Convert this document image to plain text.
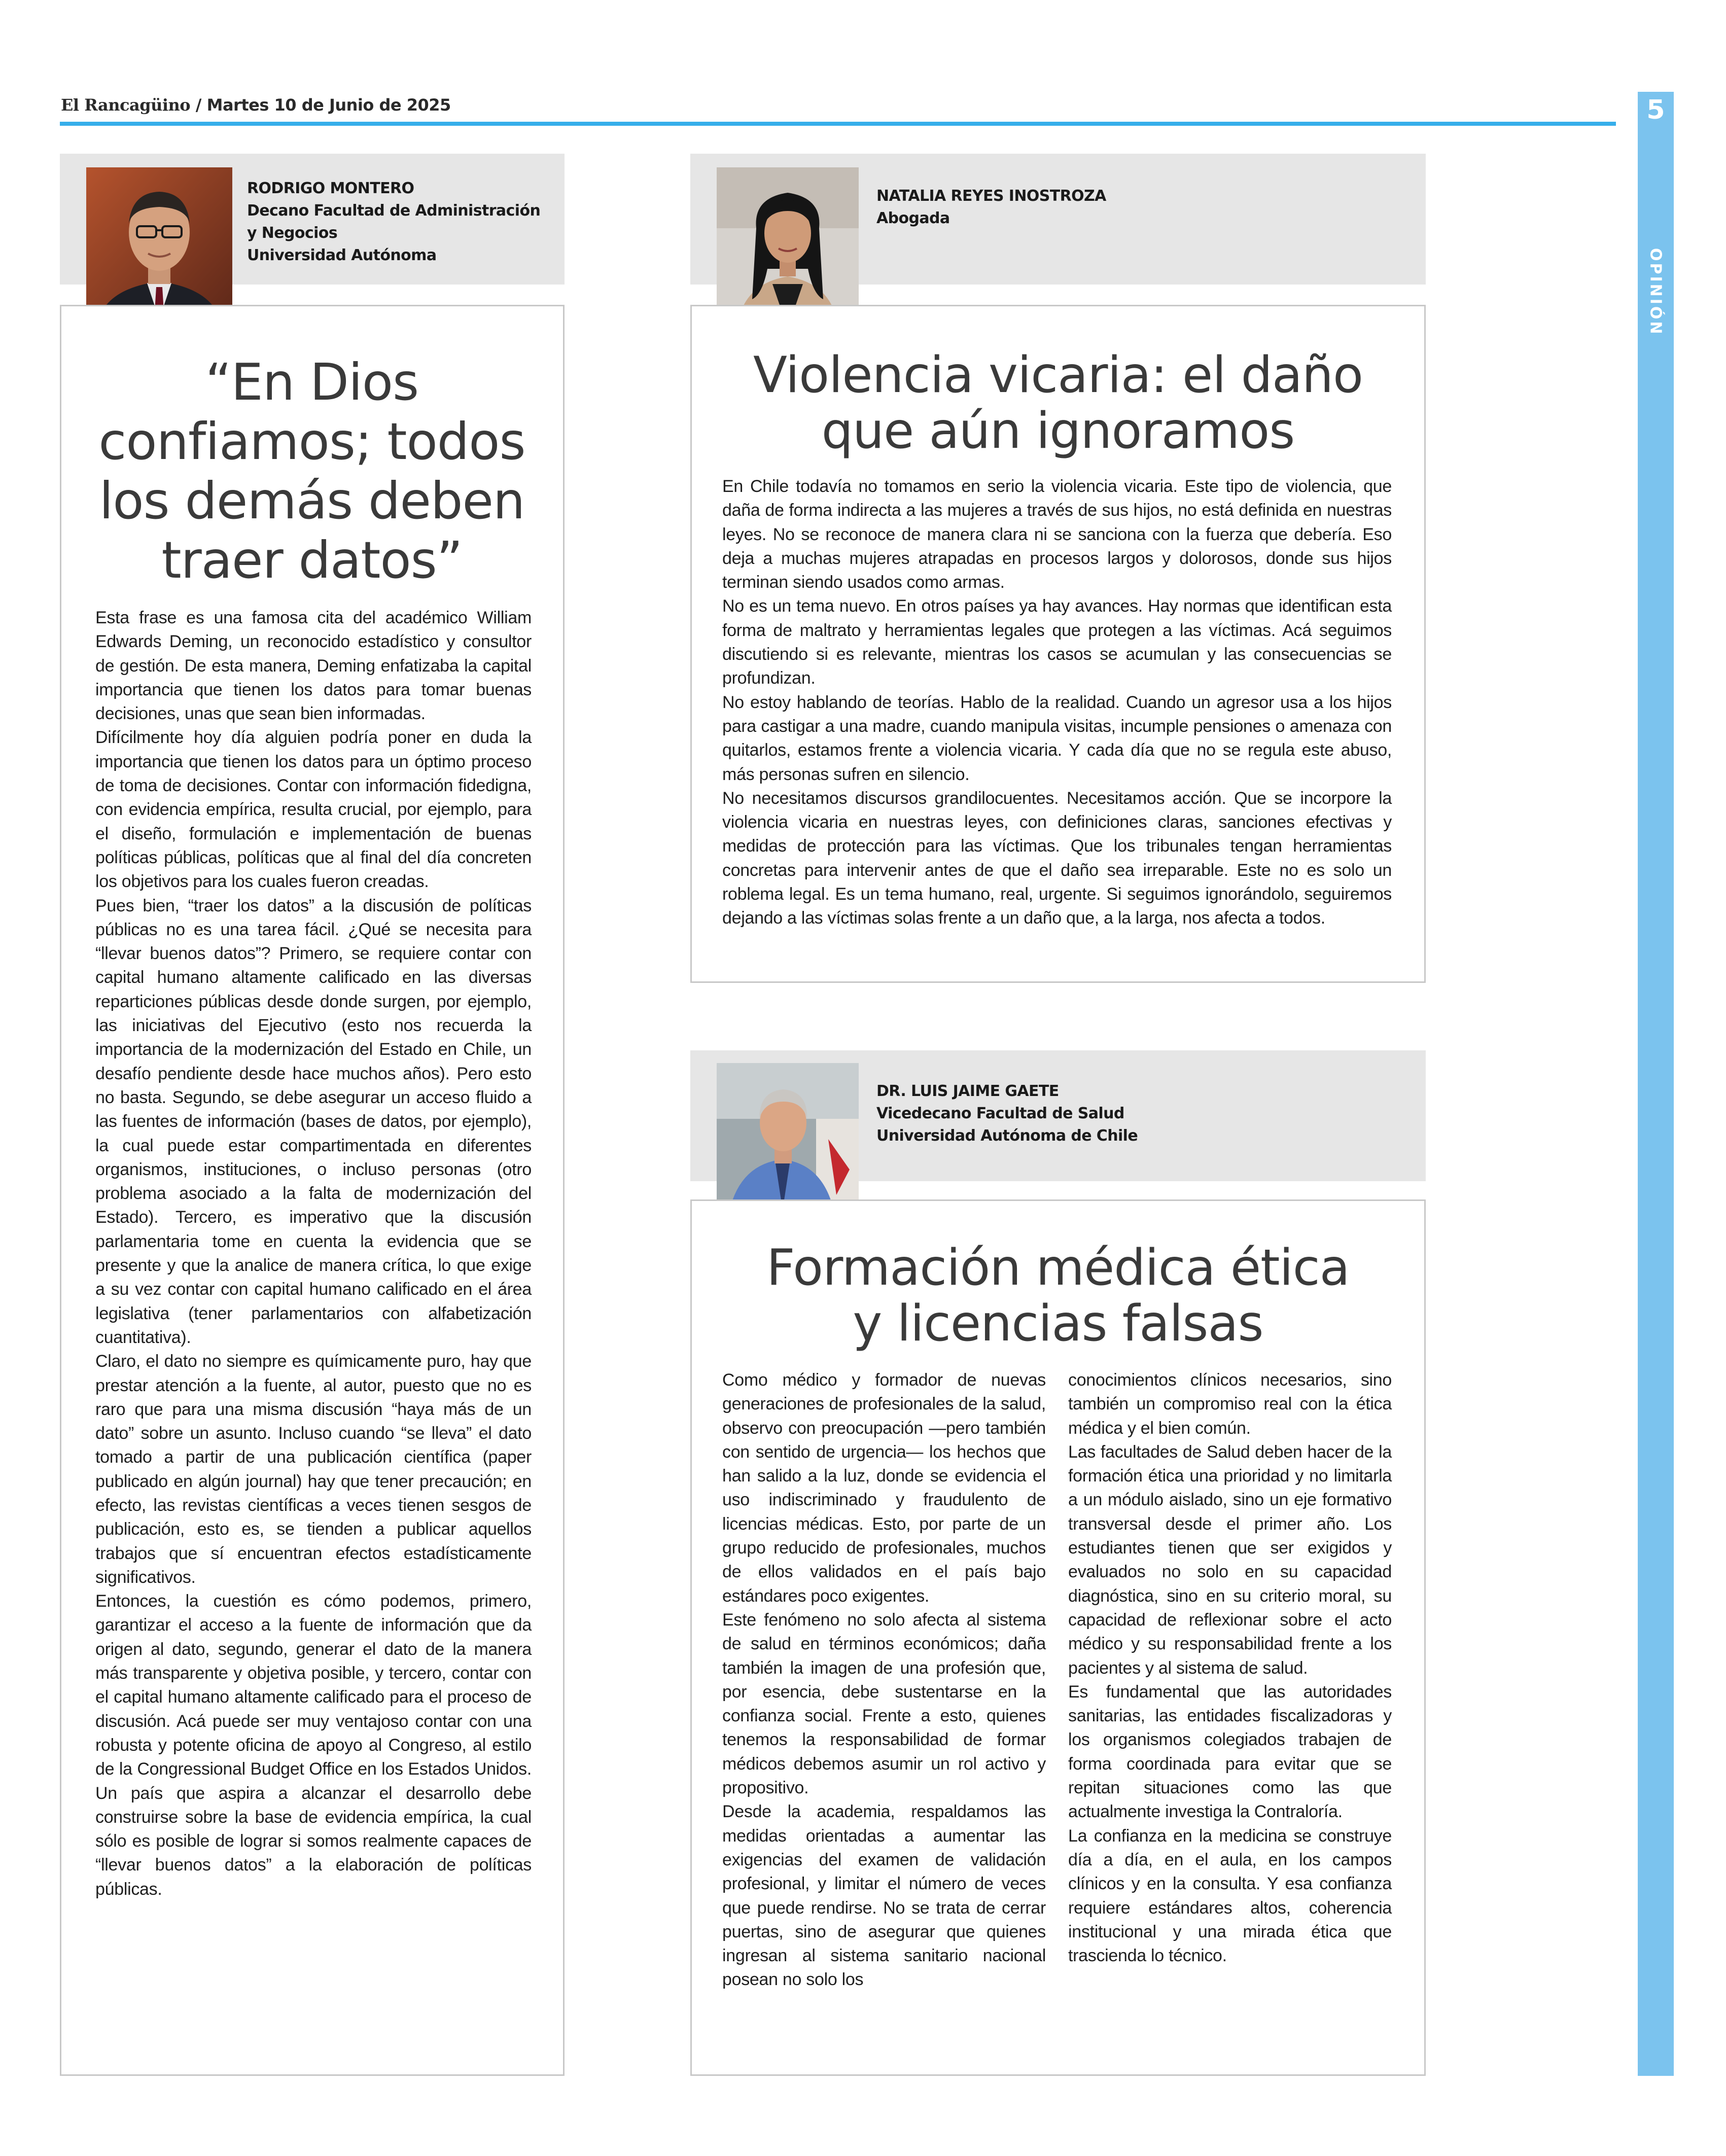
El Rancagüino / Martes 10 de Junio de 2025	5
OPINIÓN
RODRIGO MONTERO
Decano Facultad de Administración
y Negocios
Universidad Autónoma
“En Dios
confiamos; todos
los demás deben
traer datos”

Esta frase es una famosa cita del académico William Edwards Deming, un reconocido estadístico y consultor de gestión. De esta manera, Deming enfatizaba la capital importancia que tienen los datos para tomar buenas decisiones, unas que sean bien informadas.

Difícilmente hoy día alguien podría poner en duda la importancia que tienen los datos para un óptimo proceso de toma de decisiones. Contar con información fidedigna, con evidencia empírica, resulta crucial, por ejemplo, para el diseño, formulación e implementación de buenas políticas públicas, políticas que al final del día concreten los objetivos para los cuales fueron creadas.

Pues bien, “traer los datos” a la discusión de políticas públicas no es una tarea fácil. ¿Qué se necesita para “llevar buenos datos”? Primero, se requiere contar con capital humano altamente calificado en las diversas reparticiones públicas desde donde surgen, por ejemplo, las iniciativas del Ejecutivo (esto nos recuerda la importancia de la modernización del Estado en Chile, un desafío pendiente desde hace muchos años). Pero esto no basta. Segundo, se debe asegurar un acceso fluido a las fuentes de información (bases de datos, por ejemplo), la cual puede estar compartimentada en diferentes organismos, instituciones, o incluso personas (otro problema asociado a la falta de modernización del Estado). Tercero, es imperativo que la discusión parlamentaria tome en cuenta la evidencia que se presente y que la analice de manera crítica, lo que exige a su vez contar con capital humano calificado en el área legislativa (tener parlamentarios con alfabetización cuantitativa).

Claro, el dato no siempre es químicamente puro, hay que prestar atención a la fuente, al autor, puesto que no es raro que para una misma discusión “haya más de un dato” sobre un asunto. Incluso cuando “se lleva” el dato tomado a partir de una publicación científica (paper publicado en algún journal) hay que tener precaución; en efecto, las revistas científicas a veces tienen sesgos de publicación, esto es, se tienden a publicar aquellos trabajos que sí encuentran efectos estadísticamente significativos.

Entonces, la cuestión es cómo podemos, primero, garantizar el acceso a la fuente de información que da origen al dato, segundo, generar el dato de la manera más transparente y objetiva posible, y tercero, contar con el capital humano altamente calificado para el proceso de discusión. Acá puede ser muy ventajoso contar con una robusta y potente oficina de apoyo al Congreso, al estilo de la Congressional Budget Office en los Estados Unidos. Un país que aspira a alcanzar el desarrollo debe construirse sobre la base de evidencia empírica, la cual sólo es posible de lograr si somos realmente capaces de “llevar buenos datos” a la elaboración de políticas públicas.

NATALIA REYES INOSTROZA
Abogada
Violencia vicaria: el daño
que aún ignoramos

En Chile todavía no tomamos en serio la violencia vicaria. Este tipo de violencia, que daña de forma indirecta a las mujeres a través de sus hijos, no está definida en nuestras leyes. No se reconoce de manera clara ni se sanciona con la fuerza que debería. Eso deja a muchas mujeres atrapadas en procesos largos y dolorosos, donde sus hijos terminan siendo usados como armas.

No es un tema nuevo. En otros países ya hay avances. Hay normas que identifican esta forma de maltrato y herramientas legales que protegen a las víctimas. Acá seguimos discutiendo si es relevante, mientras los casos se acumulan y las consecuencias se profundizan.

No estoy hablando de teorías. Hablo de la realidad. Cuando un agresor usa a los hijos para castigar a una madre, cuando manipula visitas, incumple pensiones o amenaza con quitarlos, estamos frente a violencia vicaria. Y cada día que no se regula este abuso, más personas sufren en silencio.

No necesitamos discursos grandilocuentes. Necesitamos acción. Que se incorpore la violencia vicaria en nuestras leyes, con definiciones claras, sanciones efectivas y medidas de protección para las víctimas. Que los tribunales tengan herramientas concretas para intervenir antes de que el daño sea irreparable. Este no es solo un roblema legal. Es un tema humano, real, urgente. Si seguimos ignorándolo, seguiremos dejando a las víctimas solas frente a un daño que, a la larga, nos afecta a todos.

DR. LUIS JAIME GAETE
Vicedecano Facultad de Salud
Universidad Autónoma de Chile
Formación médica ética
y licencias falsas

Como médico y formador de nuevas generaciones de profesionales de la salud, observo con preocupación —pero también con sentido de urgencia— los hechos que han salido a la luz, donde se evidencia el uso indiscriminado y fraudulento de licencias médicas. Esto, por parte de un grupo reducido de profesionales, muchos de ellos validados en el país bajo estándares poco exigentes.

Este fenómeno no solo afecta al sistema de salud en términos económicos; daña también la imagen de una profesión que, por esencia, debe sustentarse en la confianza social. Frente a esto, quienes tenemos la responsabilidad de formar médicos debemos asumir un rol activo y propositivo.

Desde la academia, respaldamos las medidas orientadas a aumentar las exigencias del examen de validación profesional, y limitar el número de veces que puede rendirse. No se trata de cerrar puertas, sino de asegurar que quienes ingresan al sistema sanitario nacional posean no solo los

conocimientos clínicos necesarios, sino también un compromiso real con la ética médica y el bien común.

Las facultades de Salud deben hacer de la formación ética una prioridad y no limitarla a un módulo aislado, sino un eje formativo transversal desde el primer año. Los estudiantes tienen que ser exigidos y evaluados no solo en su capacidad diagnóstica, sino en su criterio moral, su capacidad de reflexionar sobre el acto médico y su responsabilidad frente a los pacientes y al sistema de salud.

Es fundamental que las autoridades sanitarias, las entidades fiscalizadoras y los organismos colegiados trabajen de forma coordinada para evitar que se repitan situaciones como las que actualmente investiga la Contraloría.

La confianza en la medicina se construye día a día, en el aula, en los campos clínicos y en la consulta. Y esa confianza requiere estándares altos, coherencia institucional y una mirada ética que trascienda lo técnico.
